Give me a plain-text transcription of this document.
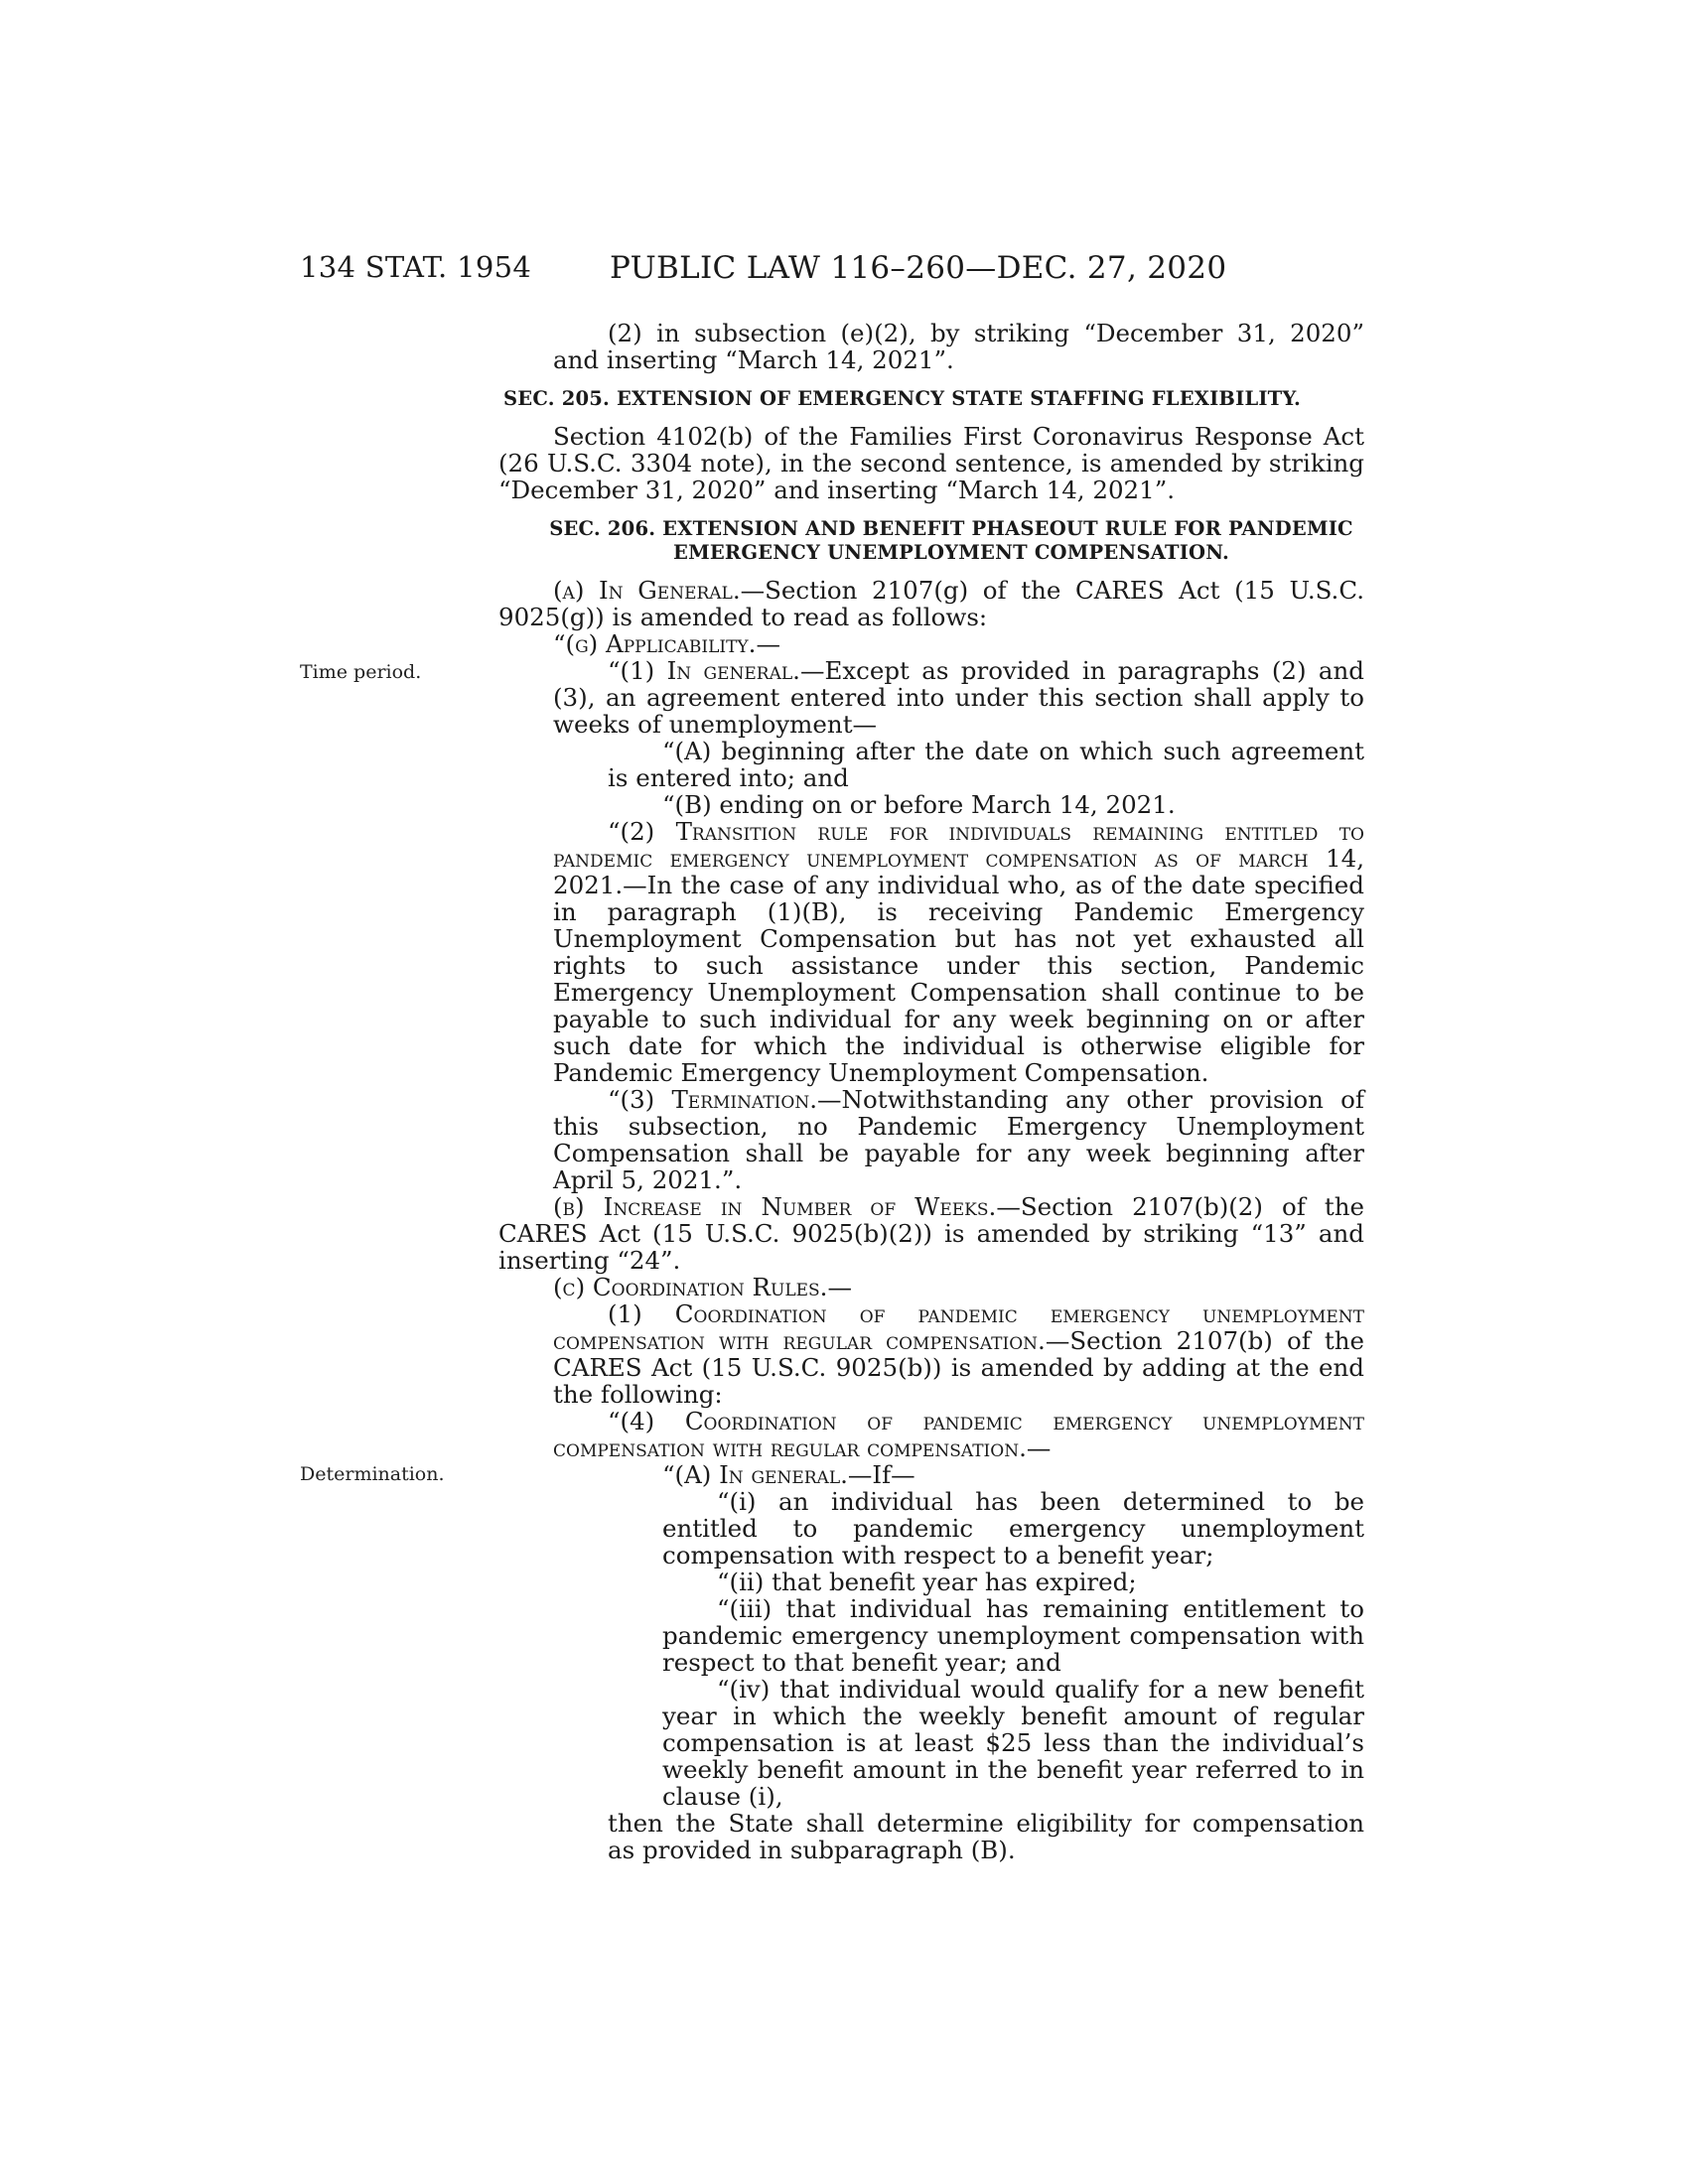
134 STAT. 1954	PUBLIC LAW 116–260—DEC. 27, 2020
Time period.
Determination.

(2) in subsection (e)(2), by striking “December 31, 2020” and inserting “March 14, 2021”.

SEC. 205. EXTENSION OF EMERGENCY STATE STAFFING FLEXIBILITY.

Section 4102(b) of the Families First Coronavirus Response Act (26 U.S.C. 3304 note), in the second sentence, is amended by striking “December 31, 2020” and inserting “March 14, 2021”.

SEC. 206. EXTENSION AND BENEFIT PHASEOUT RULE FOR PANDEMIC
EMERGENCY UNEMPLOYMENT COMPENSATION.

(a) In General.—Section 2107(g) of the CARES Act (15 U.S.C. 9025(g)) is amended to read as follows:

“(g) Applicability.—

“(1) In general.—Except as provided in paragraphs (2) and (3), an agreement entered into under this section shall apply to weeks of unemployment—

“(A) beginning after the date on which such agreement is entered into; and

“(B) ending on or before March 14, 2021.

“(2) Transition rule for individuals remaining entitled to pandemic emergency unemployment compensation as of march 14, 2021.—In the case of any individual who, as of the date specified in paragraph (1)(B), is receiving Pandemic Emergency Unemployment Compensation but has not yet exhausted all rights to such assistance under this section, Pandemic Emergency Unemployment Compensation shall continue to be payable to such individual for any week beginning on or after such date for which the individual is otherwise eligible for Pandemic Emergency Unemployment Compensation.

“(3) Termination.—Notwithstanding any other provision of this subsection, no Pandemic Emergency Unemployment Compensation shall be payable for any week beginning after April 5, 2021.”.

(b) Increase in Number of Weeks.—Section 2107(b)(2) of the CARES Act (15 U.S.C. 9025(b)(2)) is amended by striking “13” and inserting “24”.

(c) Coordination Rules.—

(1) Coordination of pandemic emergency unemployment compensation with regular compensation.—Section 2107(b) of the CARES Act (15 U.S.C. 9025(b)) is amended by adding at the end the following:

“(4) Coordination of pandemic emergency unemployment compensation with regular compensation.—

“(A) In general.—If—

“(i) an individual has been determined to be entitled to pandemic emergency unemployment compensation with respect to a benefit year;

“(ii) that benefit year has expired;

“(iii) that individual has remaining entitlement to pandemic emergency unemployment compensation with respect to that benefit year; and

“(iv) that individual would qualify for a new benefit year in which the weekly benefit amount of regular compensation is at least $25 less than the individual’s weekly benefit amount in the benefit year referred to in clause (i),

then the State shall determine eligibility for compensation as provided in subparagraph (B).
